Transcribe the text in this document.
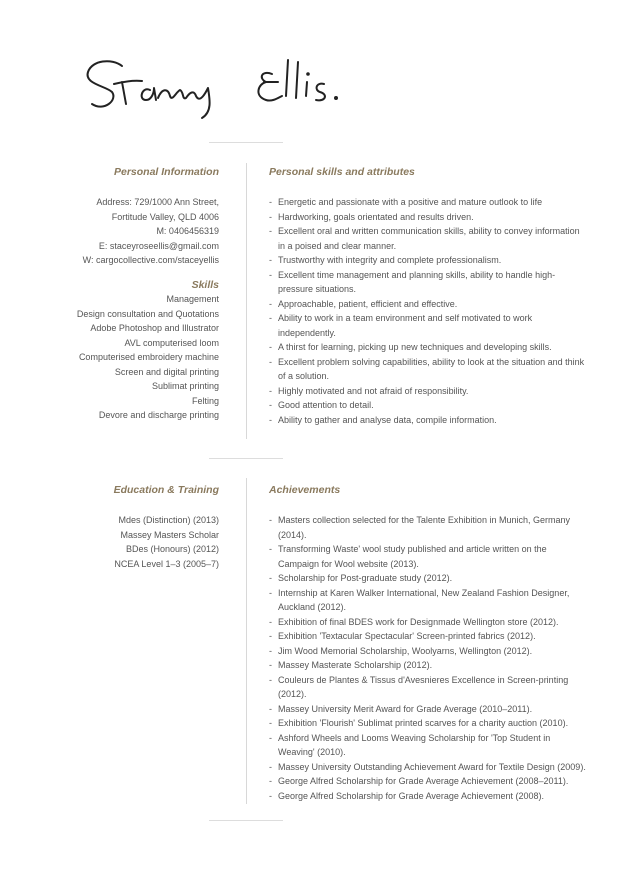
Personal Information	Personal skills and attributes
Address: 729/1000 Ann Street,
Fortitude Valley, QLD 4006
M: 0406456319
E: staceyroseellis@gmail.com
W: cargocollective.com/staceyellis
Skills
Management
Design consultation and Quotations
Adobe Photoshop and Illustrator
AVL computerised loom
Computerised embroidery machine
Screen and digital printing
Sublimat printing
Felting
Devore and discharge printing
- Energetic and passionate with a positive and mature outlook to life
- Hardworking, goals orientated and results driven.
- Excellent oral and written communication skills, ability to convey information in a poised and clear manner.
- Trustworthy with integrity and complete professionalism.
- Excellent time management and planning skills, ability to handle high-pressure situations.
- Approachable, patient, efficient and effective.
- Ability to work in a team environment and self motivated to work independently.
- A thirst for learning, picking up new techniques and developing skills.
- Excellent problem solving capabilities, ability to look at the situation and think of a solution.
- Highly motivated and not afraid of responsibility.
- Good attention to detail.
- Ability to gather and analyse data, compile information.
Education & Training	Achievements
Mdes (Distinction) (2013)
Massey Masters Scholar
BDes (Honours) (2012)
NCEA Level 1–3 (2005–7)
- Masters collection selected for the Talente Exhibition in Munich, Germany (2014).
- Transforming Waste' wool study published and article written on the Campaign for Wool website (2013).
- Scholarship for Post-graduate study (2012).
- Internship at Karen Walker International, New Zealand Fashion Designer, Auckland (2012).
- Exhibition of final BDES work for Designmade Wellington store (2012).
- Exhibition 'Textacular Spectacular' Screen-printed fabrics (2012).
- Jim Wood Memorial Scholarship, Woolyarns, Wellington (2012).
- Massey Masterate Scholarship (2012).
- Couleurs de Plantes & Tissus d'Avesnieres Excellence in Screen-printing (2012).
- Massey University Merit Award for Grade Average (2010–2011).
- Exhibition 'Flourish' Sublimat printed scarves for a charity auction (2010).
- Ashford Wheels and Looms Weaving Scholarship for 'Top Student in Weaving' (2010).
- Massey University Outstanding Achievement Award for Textile Design (2009).
- George Alfred Scholarship for Grade Average Achievement (2008–2011).
- George Alfred Scholarship for Grade Average Achievement (2008).
